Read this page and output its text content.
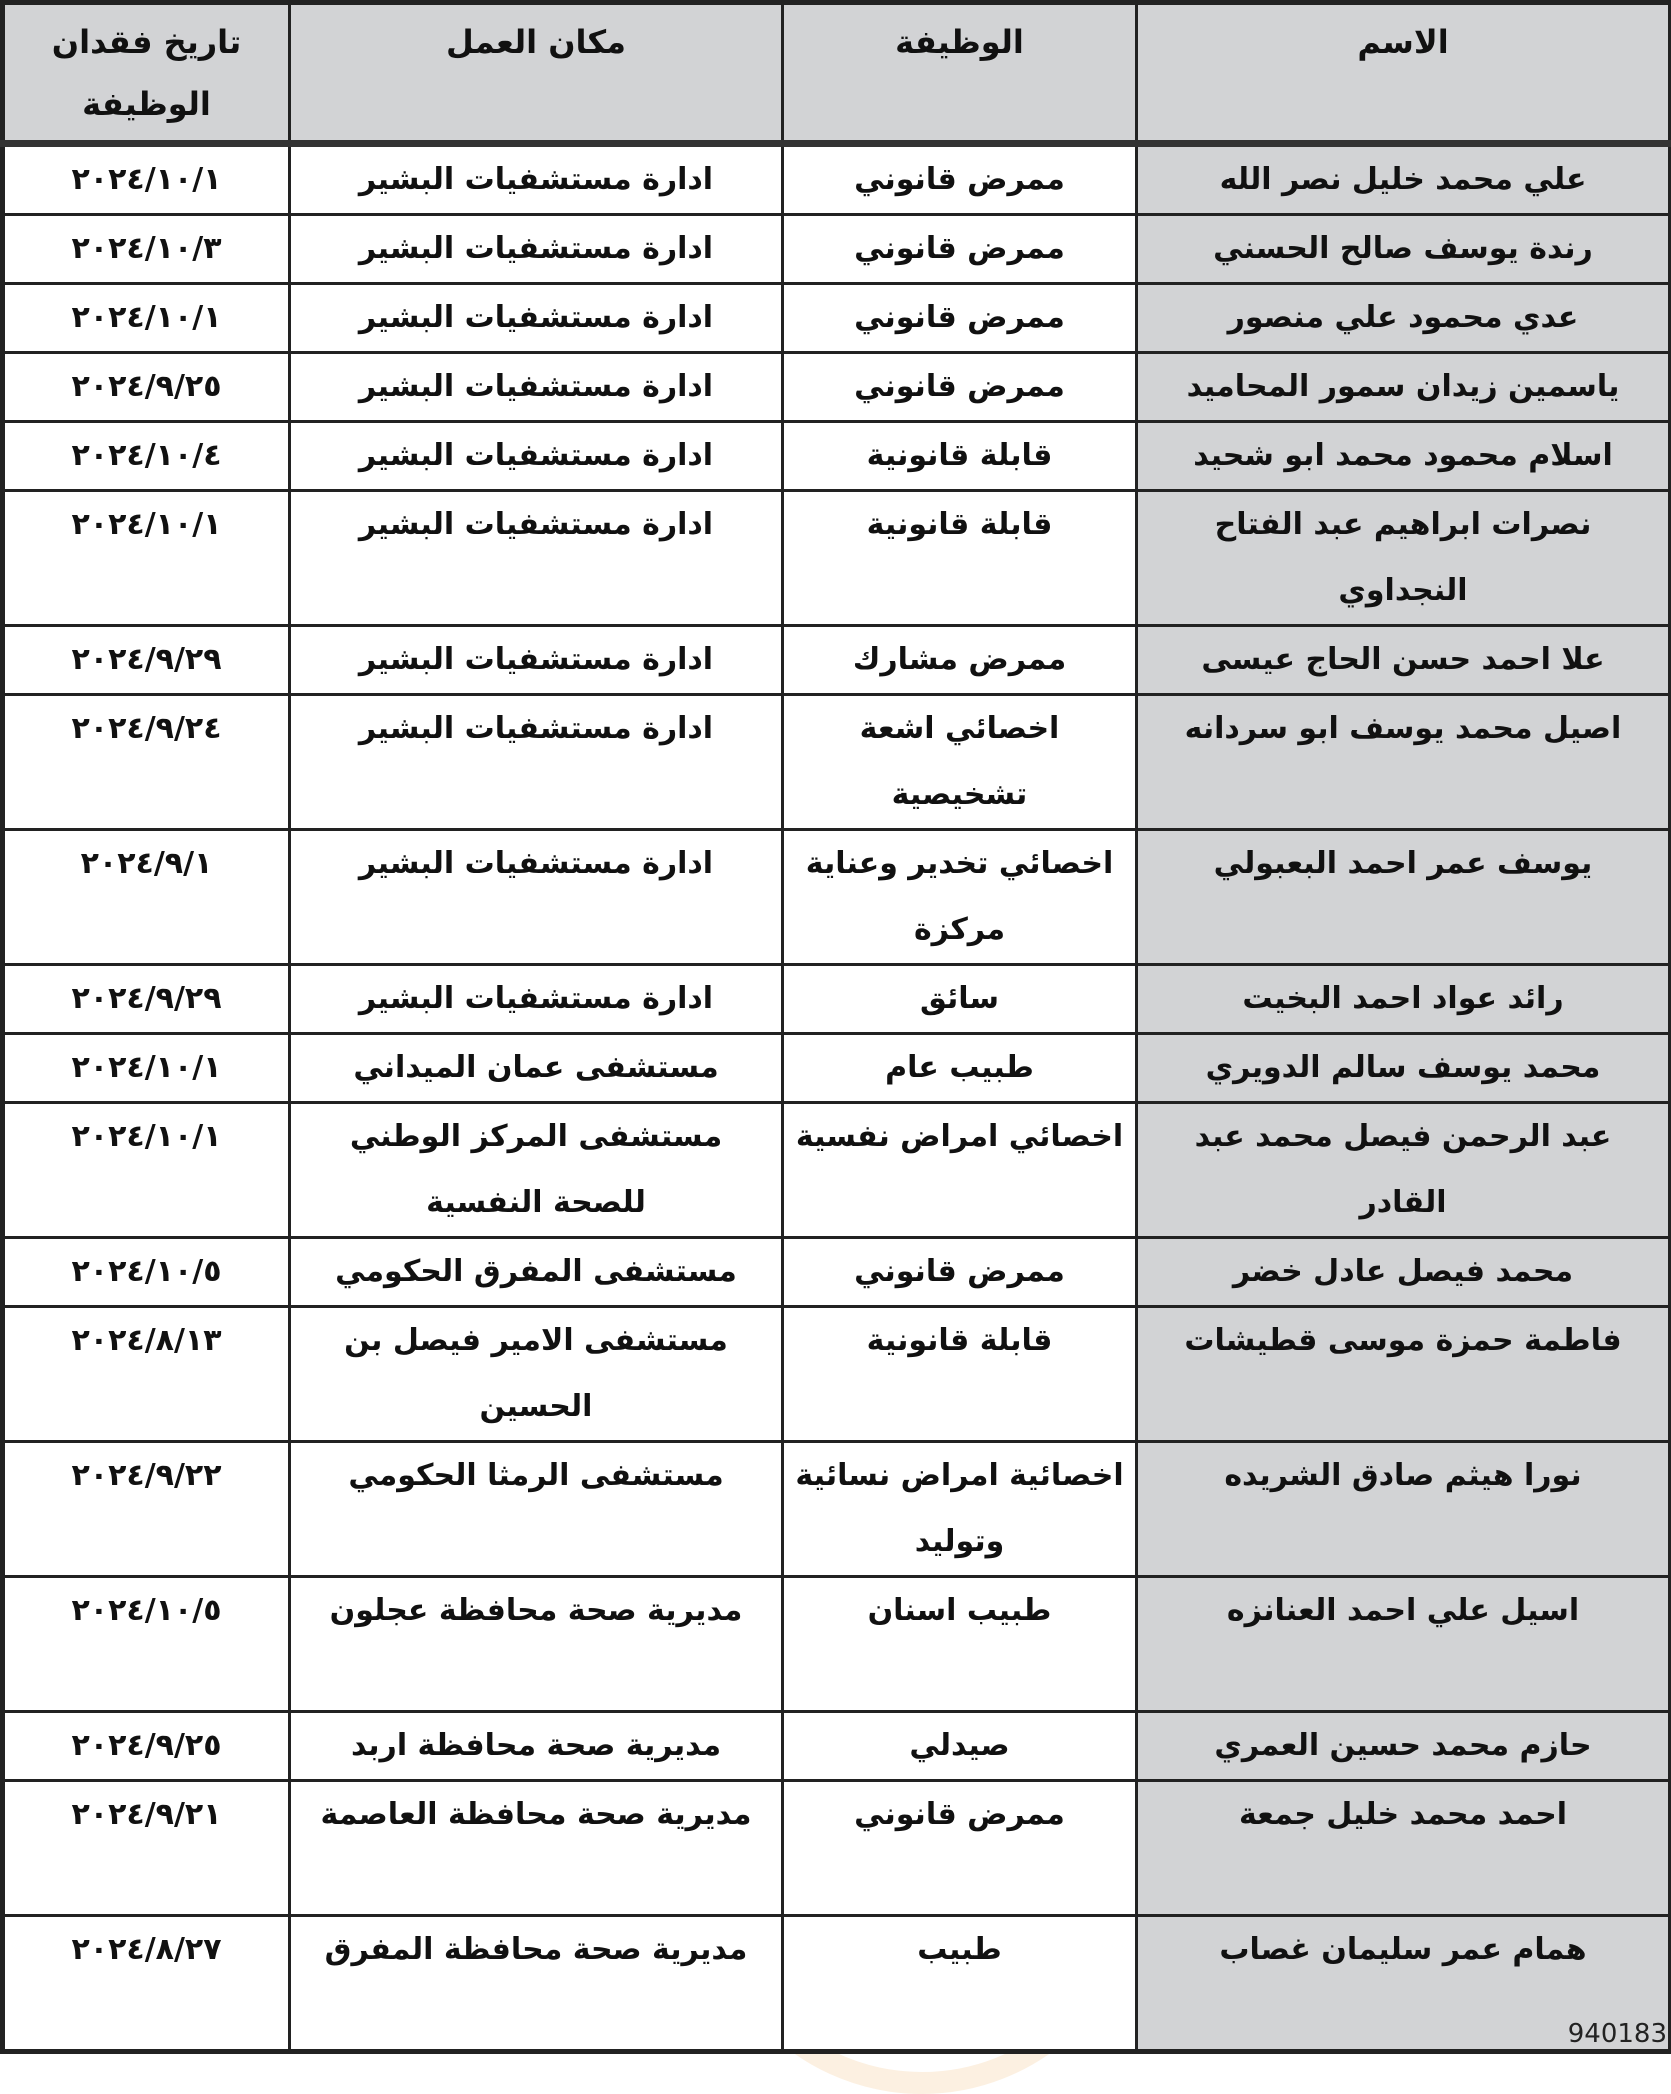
الاسم	الوظيفة	مكان العمل	تاريخ فقدان الوظيفة
علي محمد خليل نصر الله	ممرض قانوني	ادارة مستشفيات البشير	٢٠٢٤/١٠/١
رندة يوسف صالح الحسني	ممرض قانوني	ادارة مستشفيات البشير	٢٠٢٤/١٠/٣
عدي محمود علي منصور	ممرض قانوني	ادارة مستشفيات البشير	٢٠٢٤/١٠/١
ياسمين زيدان سمور المحاميد	ممرض قانوني	ادارة مستشفيات البشير	٢٠٢٤/٩/٢٥
اسلام محمود محمد ابو شحيد	قابلة قانونية	ادارة مستشفيات البشير	٢٠٢٤/١٠/٤
نصرات ابراهيم عبد الفتاح النجداوي	قابلة قانونية	ادارة مستشفيات البشير	٢٠٢٤/١٠/١
علا احمد حسن الحاج عيسى	ممرض مشارك	ادارة مستشفيات البشير	٢٠٢٤/٩/٢٩
اصيل محمد يوسف ابو سردانه	اخصائي اشعة تشخيصية	ادارة مستشفيات البشير	٢٠٢٤/٩/٢٤
يوسف عمر احمد البعبولي	اخصائي تخدير وعناية مركزة	ادارة مستشفيات البشير	٢٠٢٤/٩/١
رائد عواد احمد البخيت	سائق	ادارة مستشفيات البشير	٢٠٢٤/٩/٢٩
محمد يوسف سالم الدويري	طبيب عام	مستشفى عمان الميداني	٢٠٢٤/١٠/١
عبد الرحمن فيصل محمد عبد القادر	اخصائي امراض نفسية	مستشفى المركز الوطني للصحة النفسية	٢٠٢٤/١٠/١
محمد فيصل عادل خضر	ممرض قانوني	مستشفى المفرق الحكومي	٢٠٢٤/١٠/٥
فاطمة حمزة موسى قطيشات	قابلة قانونية	مستشفى الامير فيصل بن الحسين	٢٠٢٤/٨/١٣
نورا هيثم صادق الشريده	اخصائية امراض نسائية وتوليد	مستشفى الرمثا الحكومي	٢٠٢٤/٩/٢٢
اسيل علي احمد العنانزه	طبيب اسنان	مديرية صحة محافظة عجلون	٢٠٢٤/١٠/٥
حازم محمد حسين العمري	صيدلي	مديرية صحة محافظة اربد	٢٠٢٤/٩/٢٥
احمد محمد خليل جمعة	ممرض قانوني	مديرية صحة محافظة العاصمة	٢٠٢٤/٩/٢١
همام عمر سليمان غصاب	طبيب	مديرية صحة محافظة المفرق	٢٠٢٤/٨/٢٧
940183
